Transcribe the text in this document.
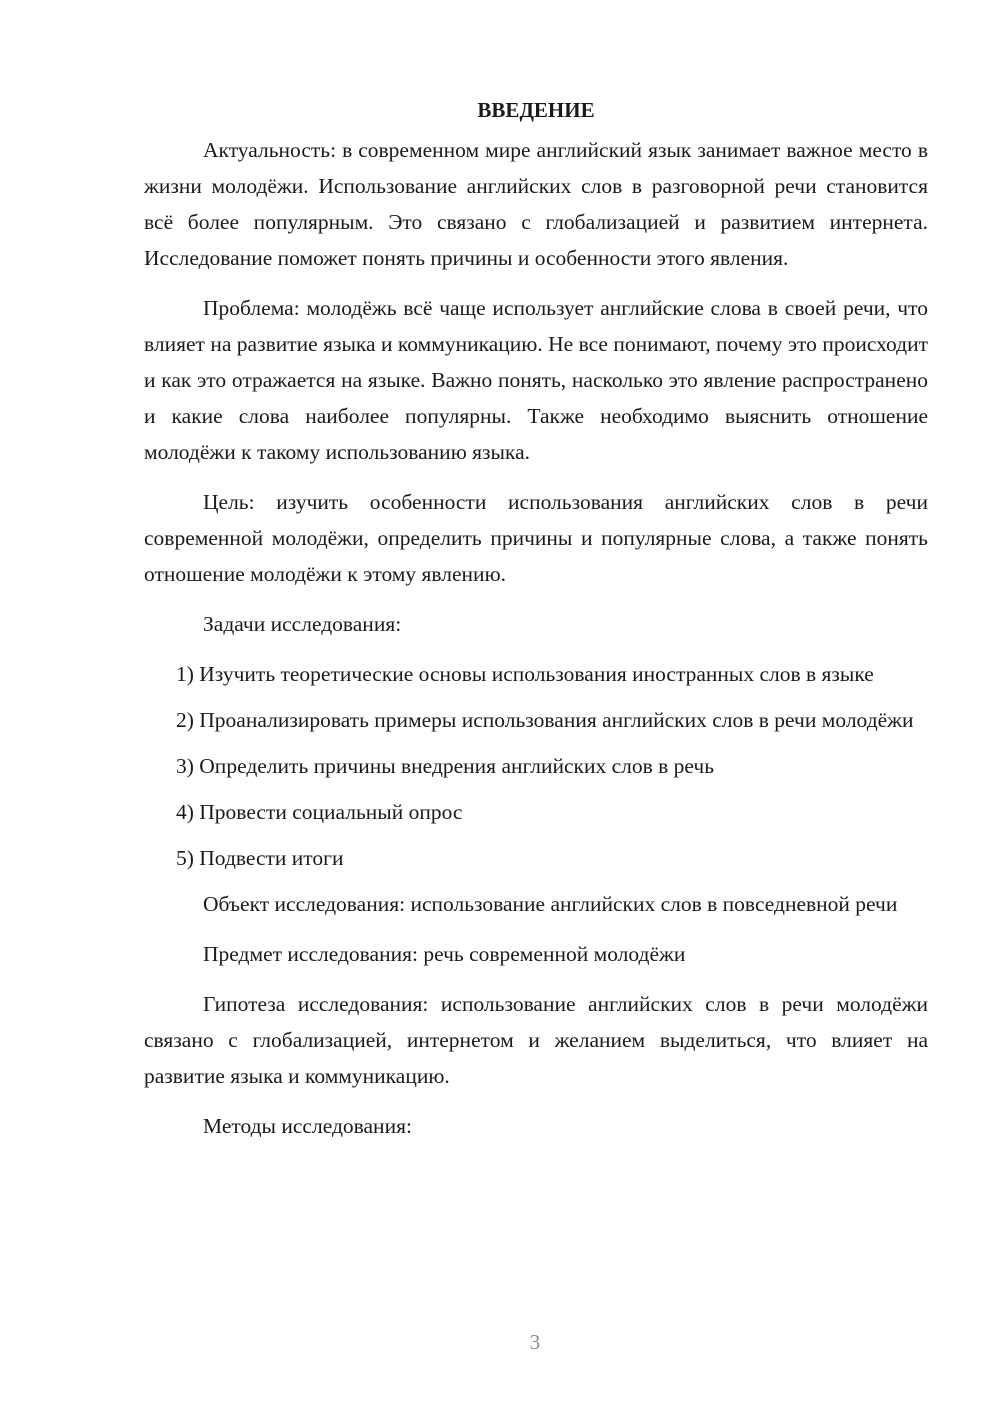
ВВЕДЕНИЕ

Актуальность: в современном мире английский язык занимает важное место в жизни молодёжи. Использование английских слов в разговорной речи становится всё более популярным. Это связано с глобализацией и развитием интернета. Исследование поможет понять причины и особенности этого явления.

Проблема: молодёжь всё чаще использует английские слова в своей речи, что влияет на развитие языка и коммуникацию. Не все понимают, почему это происходит и как это отражается на языке. Важно понять, насколько это явление распространено и какие слова наиболее популярны. Также необходимо выяснить отношение молодёжи к такому использованию языка.

Цель: изучить особенности использования английских слов в речи современной молодёжи, определить причины и популярные слова, а также понять отношение молодёжи к этому явлению.

Задачи исследования:

1) Изучить теоретические основы использования иностранных слов в языке

2) Проанализировать примеры использования английских слов в речи молодёжи

3) Определить причины внедрения английских слов в речь

4) Провести социальный опрос

5) Подвести итоги

Объект исследования: использование английских слов в повседневной речи

Предмет исследования: речь современной молодёжи

Гипотеза исследования: использование английских слов в речи молодёжи связано с глобализацией, интернетом и желанием выделиться, что влияет на развитие языка и коммуникацию.

Методы исследования:

3
